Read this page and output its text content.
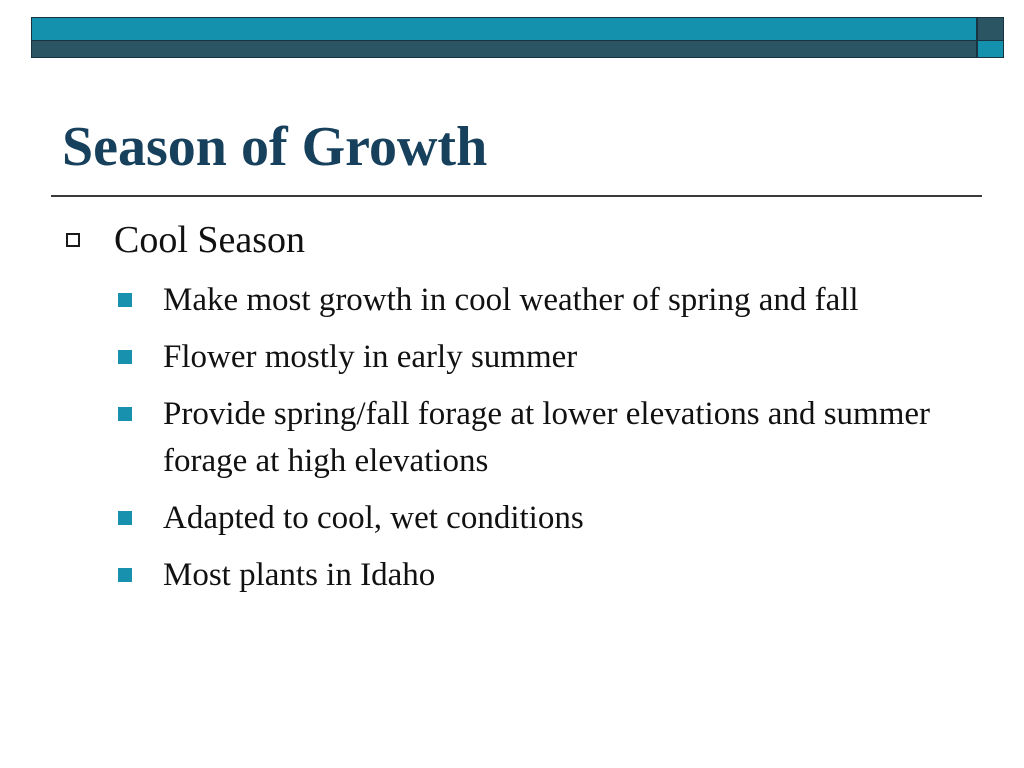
Season of Growth
Cool Season
Make most growth in cool weather of spring and fall
Flower mostly in early summer
Provide spring/fall forage at lower elevations and summer forage at high elevations
Adapted to cool, wet conditions
Most plants in Idaho
